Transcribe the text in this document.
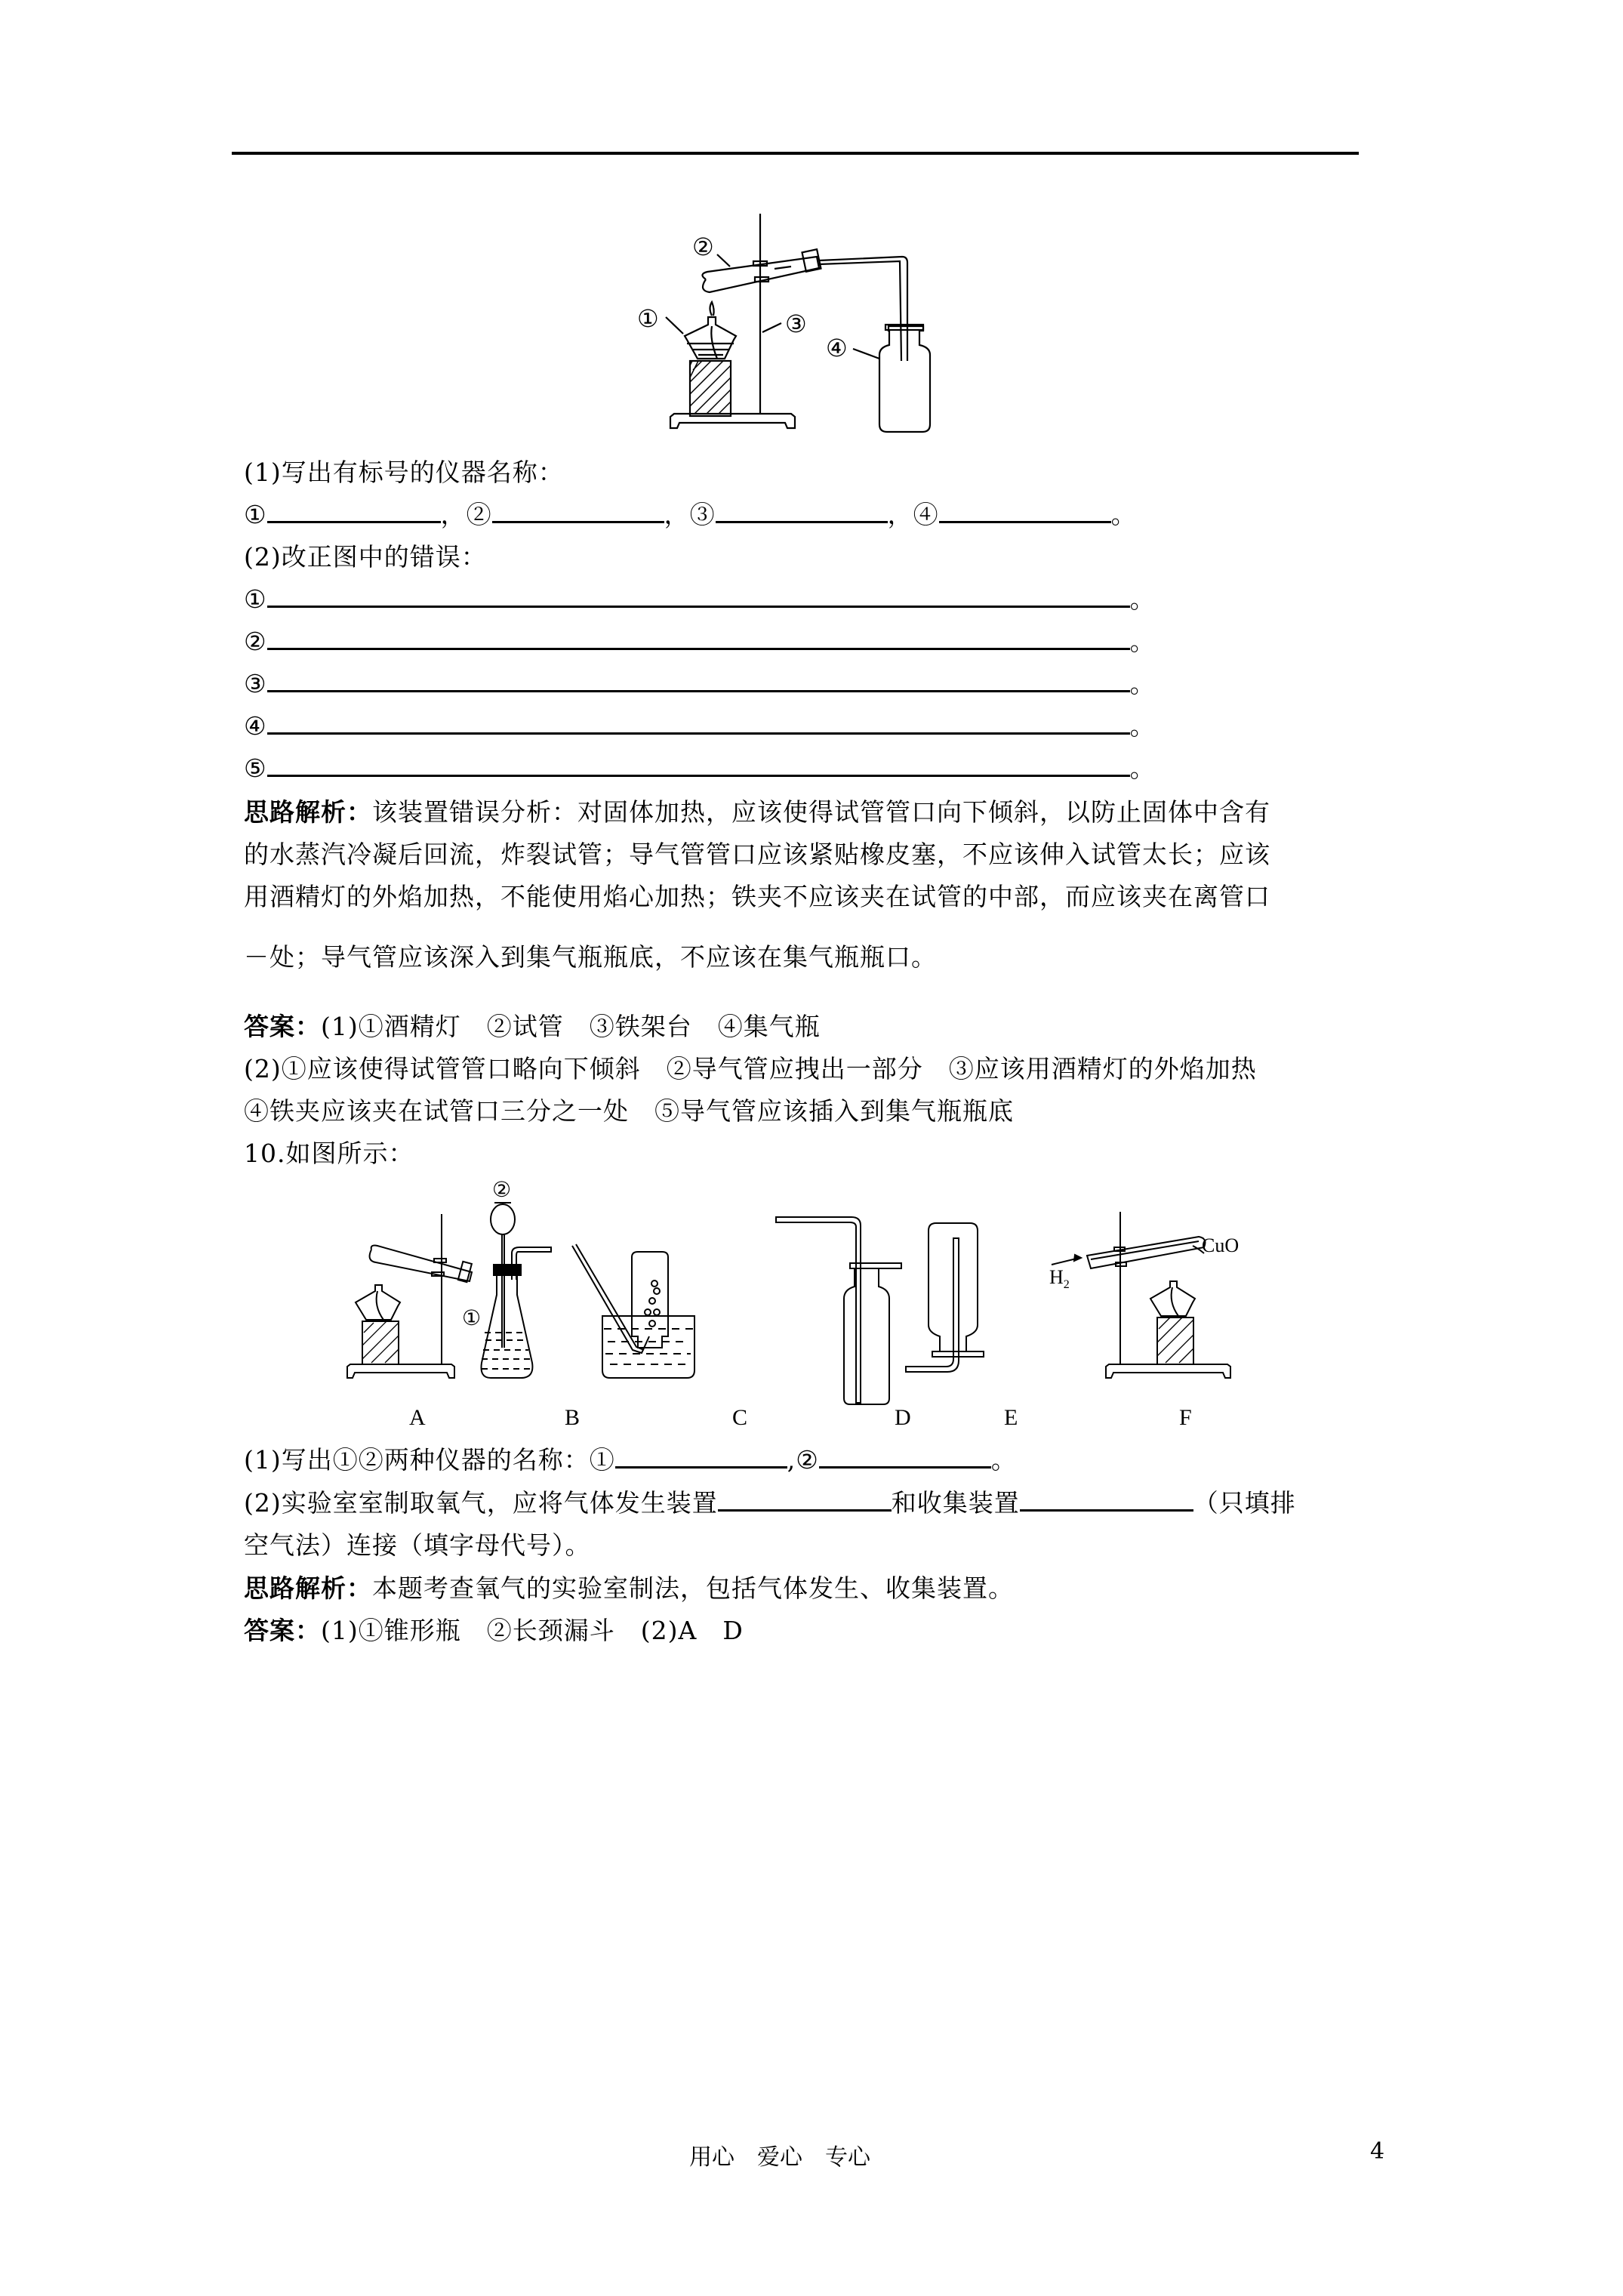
①
②
③
④
(1)写出有标号的仪器名称：
①	，②	，③	，④	。
(2)改正图中的错误：
①	。
②	。
③	。
④	。
⑤	。
思路解析：该装置错误分析：对固体加热，应该使得试管管口向下倾斜，以防止固体中含有
的水蒸汽冷凝后回流，炸裂试管；导气管管口应该紧贴橡皮塞，不应该伸入试管太长；应该
用酒精灯的外焰加热，不能使用焰心加热；铁夹不应该夹在试管的中部，而应该夹在离管口
－处；导气管应该深入到集气瓶瓶底，不应该在集气瓶瓶口。
答案：(1)①酒精灯　②试管　③铁架台　④集气瓶
(2)①应该使得试管管口略向下倾斜　②导气管应拽出一部分　③应该用酒精灯的外焰加热
④铁夹应该夹在试管口三分之一处　⑤导气管应该插入到集气瓶瓶底
10.如图所示：
②
①
$H_2$
CuO
A	B	C	D	E	F
(1)写出①②两种仪器的名称：①	,②	。
(2)实验室室制取氧气，应将气体发生装置	和收集装置	（只填排
空气法）连接（填字母代号）。
思路解析：本题考查氧气的实验室制法，包括气体发生、收集装置。
答案：(1)①锥形瓶　②长颈漏斗　(2)A　D
用心　爱心　专心	4
